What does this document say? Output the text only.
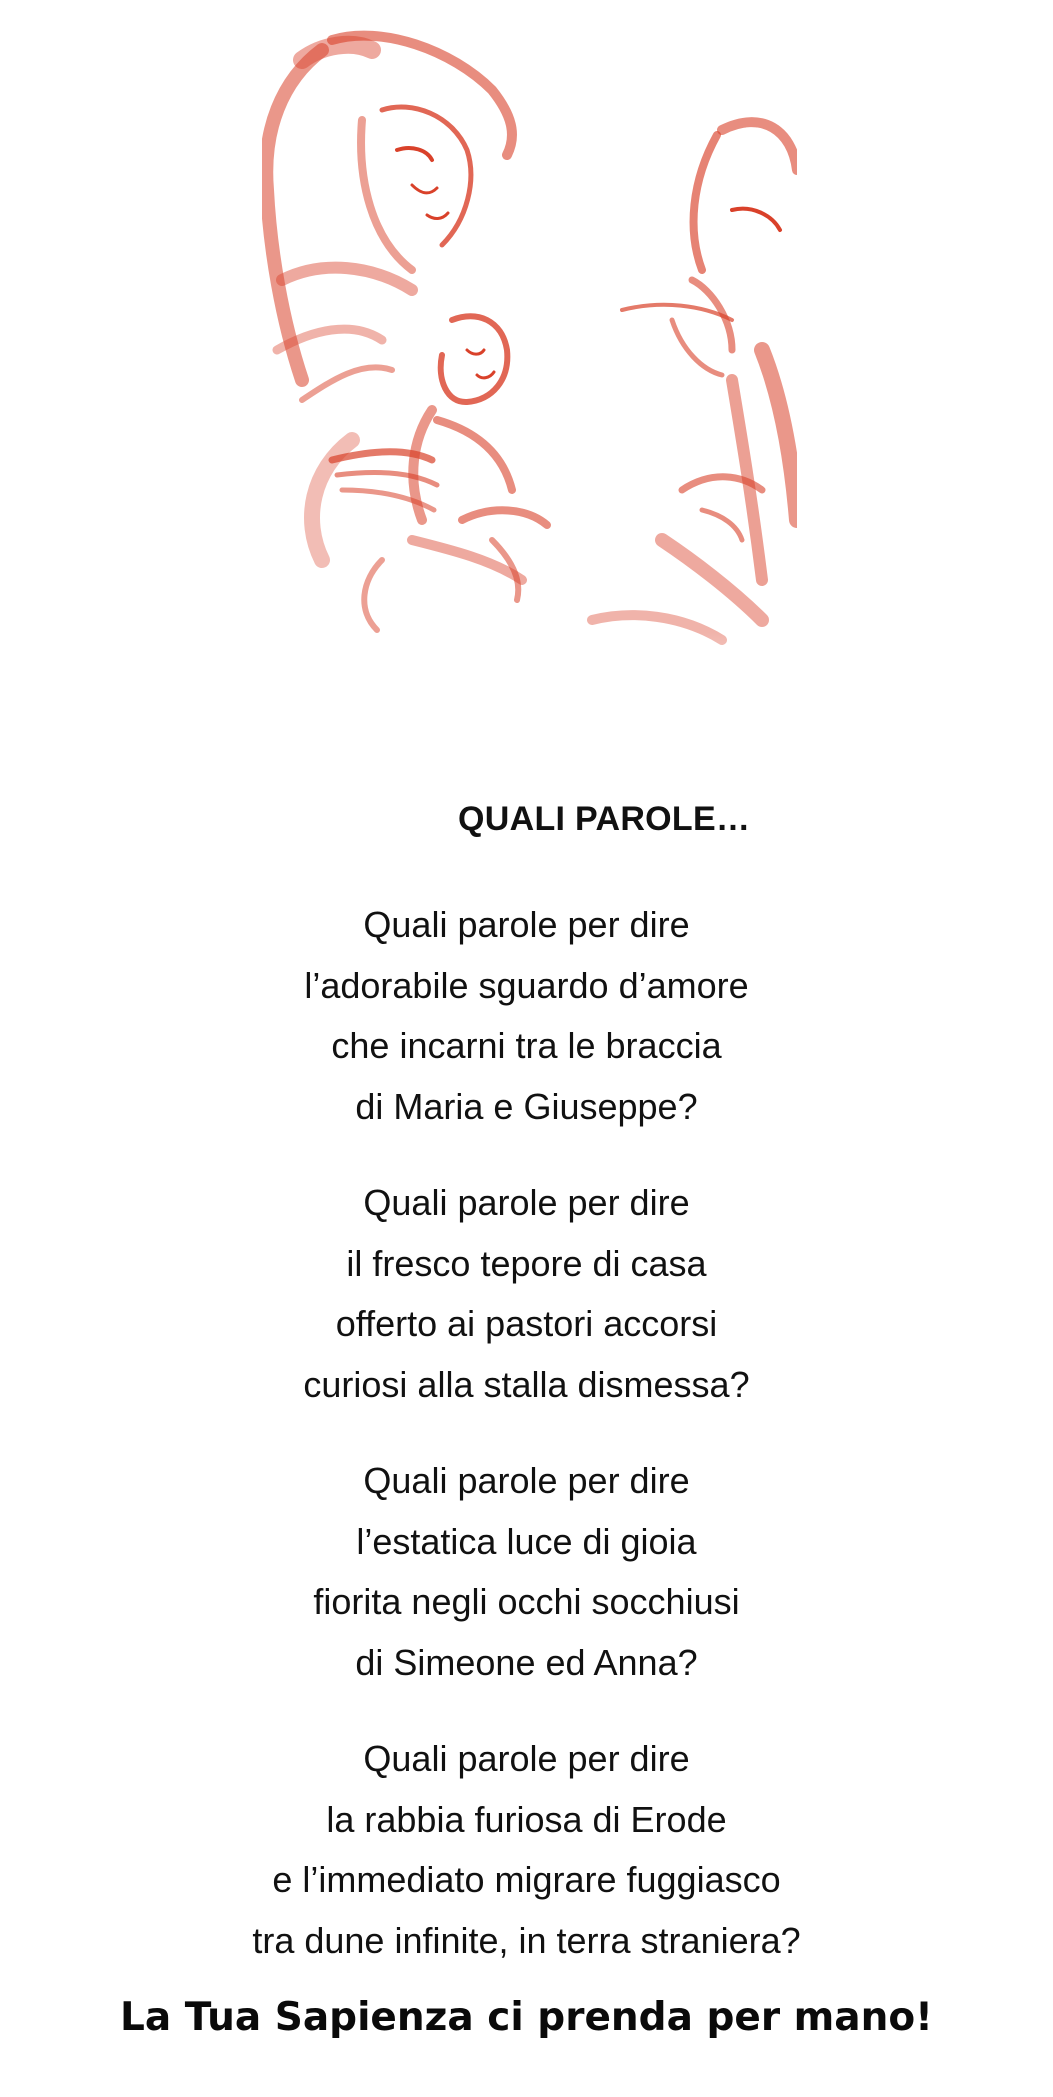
QUALI PAROLE…
Quali parole per dire
l’adorabile sguardo d’amore
che incarni tra le braccia
di Maria e Giuseppe?
Quali parole per dire
il fresco tepore di casa
offerto ai pastori accorsi
curiosi alla stalla dismessa?
Quali parole per dire
l’estatica luce di gioia
fiorita negli occhi socchiusi
di Simeone ed Anna?
Quali parole per dire
la rabbia furiosa di Erode
e l’immediato migrare fuggiasco
tra dune infinite, in terra straniera?
La Tua Sapienza ci prenda per mano!
